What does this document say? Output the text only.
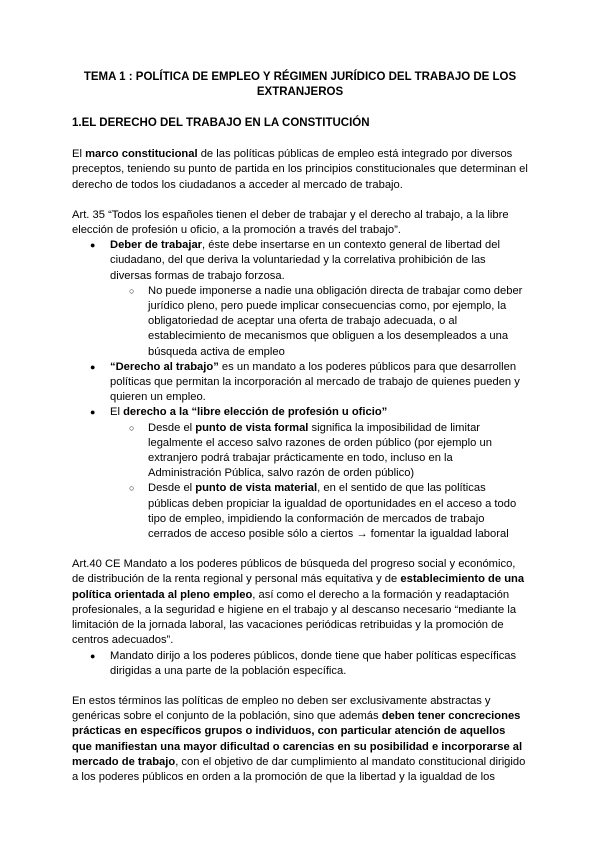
TEMA 1 : POLÍTICA DE EMPLEO Y RÉGIMEN JURÍDICO DEL TRABAJO DE LOS
EXTRANJEROS
1.EL DERECHO DEL TRABAJO EN LA CONSTITUCIÓN

El marco constitucional de las políticas públicas de empleo está integrado por diversos preceptos, teniendo su punto de partida en los principios constitucionales que determinan el derecho de todos los ciudadanos a acceder al mercado de trabajo.

Art. 35 “Todos los españoles tienen el deber de trabajar y el derecho al trabajo, a la libre elección de profesión u oficio, a la promoción a través del trabajo”.

● Deber de trabajar, éste debe insertarse en un contexto general de libertad del ciudadano, del que deriva la voluntariedad y la correlativa prohibición de las diversas formas de trabajo forzosa.
○ No puede imponerse a nadie una obligación directa de trabajar como deber jurídico pleno, pero puede implicar consecuencias como, por ejemplo, la obligatoriedad de aceptar una oferta de trabajo adecuada, o al establecimiento de mecanismos que obliguen a los desempleados a una búsqueda activa de empleo
● “Derecho al trabajo” es un mandato a los poderes públicos para que desarrollen políticas que permitan la incorporación al mercado de trabajo de quienes pueden y quieren un empleo.
● El derecho a la “libre elección de profesión u oficio”
○ Desde el punto de vista formal significa la imposibilidad de limitar legalmente el acceso salvo razones de orden público (por ejemplo un extranjero podrá trabajar prácticamente en todo, incluso en la Administración Pública, salvo razón de orden público)
○ Desde el punto de vista material, en el sentido de que las políticas públicas deben propiciar la igualdad de oportunidades en el acceso a todo tipo de empleo, impidiendo la conformación de mercados de trabajo cerrados de acceso posible sólo a ciertos → fomentar la igualdad laboral

Art.40 CE Mandato a los poderes públicos de búsqueda del progreso social y económico, de distribución de la renta regional y personal más equitativa y de establecimiento de una política orientada al pleno empleo, así como el derecho a la formación y readaptación profesionales, a la seguridad e higiene en el trabajo y al descanso necesario “mediante la limitación de la jornada laboral, las vacaciones periódicas retribuidas y la promoción de centros adecuados”.

● Mandato dirijo a los poderes públicos, donde tiene que haber políticas específicas dirigidas a una parte de la población específica.

En estos términos las políticas de empleo no deben ser exclusivamente abstractas y genéricas sobre el conjunto de la población, sino que además deben tener concreciones prácticas en específicos grupos o individuos, con particular atención de aquellos que manifiestan una mayor dificultad o carencias en su posibilidad e incorporarse al mercado de trabajo, con el objetivo de dar cumplimiento al mandato constitucional dirigido a los poderes públicos en orden a la promoción de que la libertad y la igualdad de los
